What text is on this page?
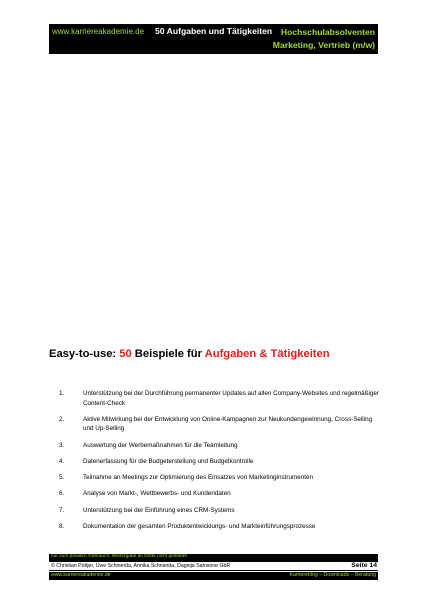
www.karriereakademie.de 50 Aufgaben und Tätigkeiten	Hochschulabsolventen
Marketing, Vertrieb (m/w)
Easy-to-use: 50 Beispiele für Aufgaben & Tätigkeiten
1.	Unterstützung bei der Durchführung permanenter Updates auf allen Company-Websites und regelmäßiger Content-Check
2.	Aktive Mitwirkung bei der Entwicklung von Online-Kampagnen zur Neukundengewinnung, Cross-Selling und Up-Selling
3.	Auswertung der Werbemaßnahmen für die Teamleitung
4.	Datenerfassung für die Budgeterstellung und Budgetkontrolle
5.	Teilnahme an Meetings zur Optimierung des Einsatzes von Marketinginstrumenten
6.	Analyse von Markt-, Wettbewerbs- und Kundendaten
7.	Unterstützung bei der Einführung eines CRM-Systems
8.	Dokumentation der gesamten Produktentwicklungs- und Markteinführungsprozesse
nur zum privaten Gebrauch, Weitergabe an Dritte nicht gestattet
© Christian Püttjer, Uwe Schnierda, Annika Schnierda, Dagnija Samsone GbR	Seite 14
www.karriereakademie.de	Karriereblog – Downloads – Beratung
